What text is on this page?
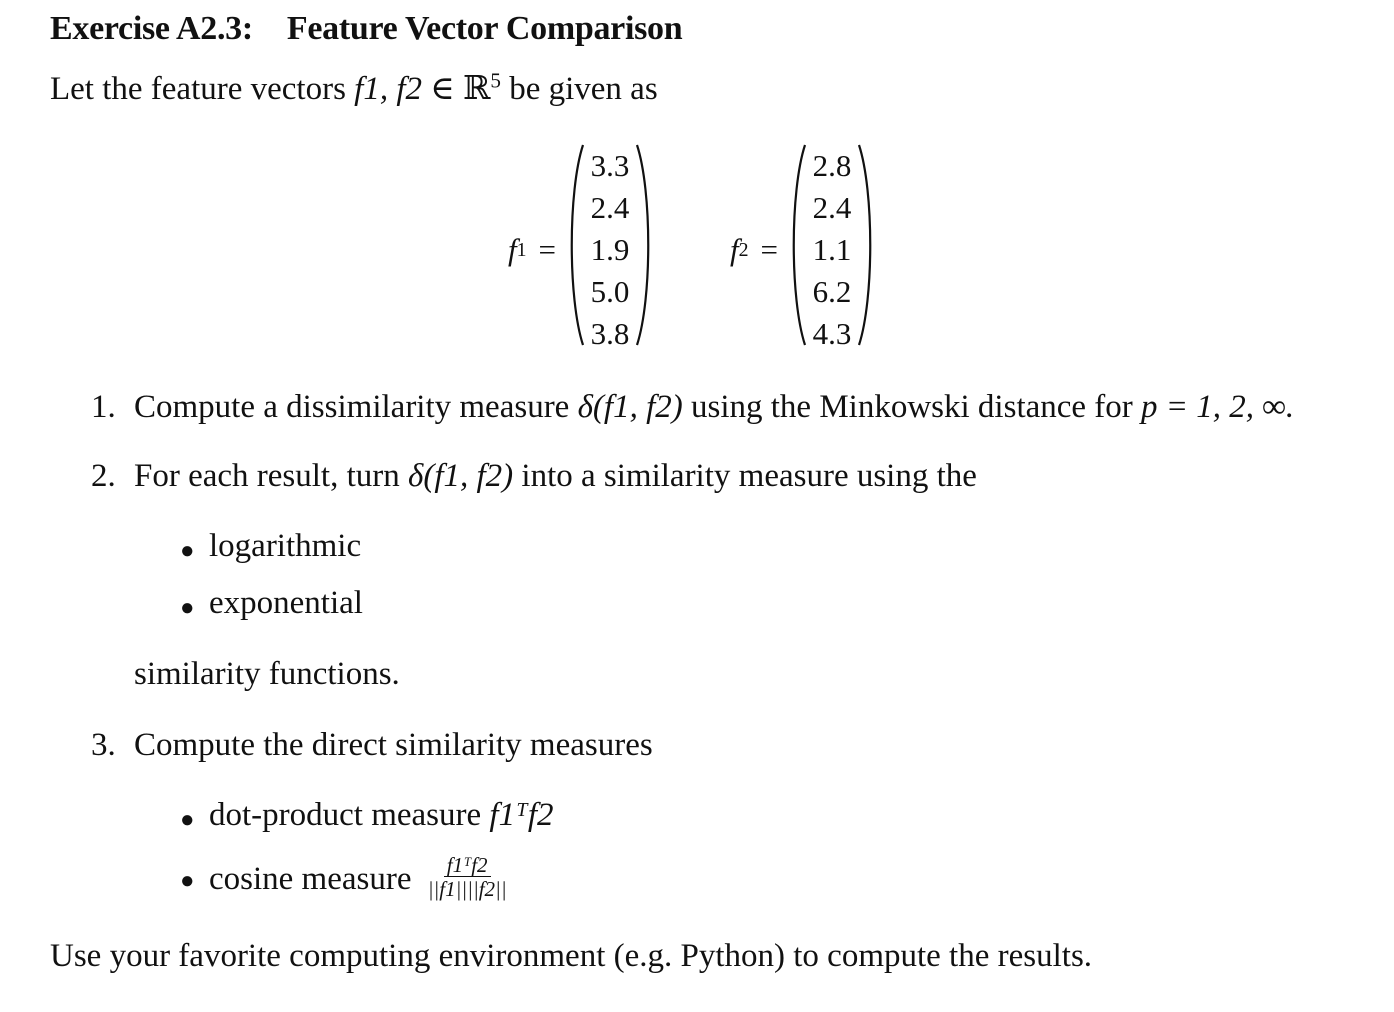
Exercise A2.3: Feature Vector Comparison
Let the feature vectors f1, f2 ∈ ℝ$^5$ be given as
f 1 =
3.3
2.4
1.9
5.0
3.8
f 2 =
2.8
2.4
1.1
6.2
4.3
1. Compute a dissimilarity measure δ(f1, f2) using the Minkowski distance for p = 1, 2, ∞.
2. For each result, turn δ(f1, f2) into a similarity measure using the
● logarithmic
● exponential
similarity functions.
3. Compute the direct similarity measures
● dot-product measure f1ᵀf2
● cosine measure $\frac{\text{f1ᵀf2}}{||f1||||f2||}$
Use your favorite computing environment (e.g. Python) to compute the results.
